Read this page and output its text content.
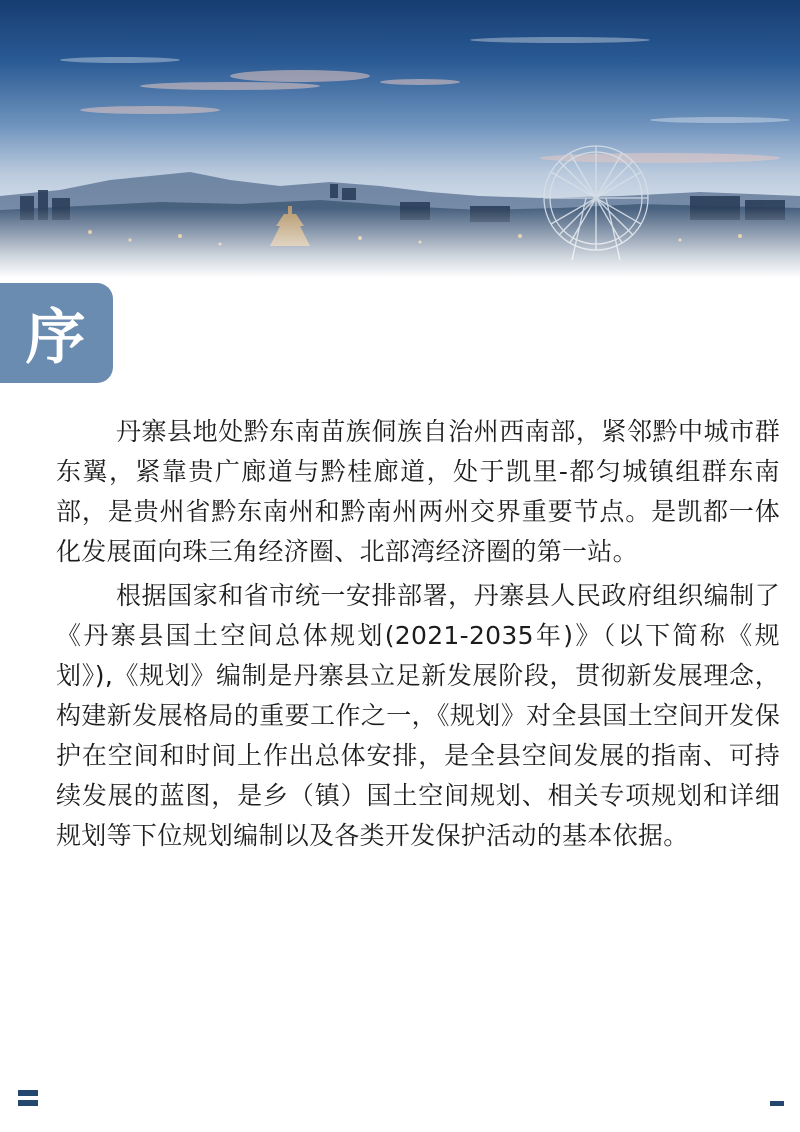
序

丹寨县地处黔东南苗族侗族自治州西南部，紧邻黔中城市群东翼，紧靠贵广廊道与黔桂廊道，处于凯里-都匀城镇组群东南部，是贵州省黔东南州和黔南州两州交界重要节点。是凯都一体化发展面向珠三角经济圈、北部湾经济圈的第一站。

根据国家和省市统一安排部署，丹寨县人民政府组织编制了《丹寨县国土空间总体规划(2021-2035年)》（以下简称《规划》),《规划》编制是丹寨县立足新发展阶段，贯彻新发展理念，构建新发展格局的重要工作之一，《规划》对全县国土空间开发保护在空间和时间上作出总体安排，是全县空间发展的指南、可持续发展的蓝图，是乡（镇）国土空间规划、相关专项规划和详细规划等下位规划编制以及各类开发保护活动的基本依据。
